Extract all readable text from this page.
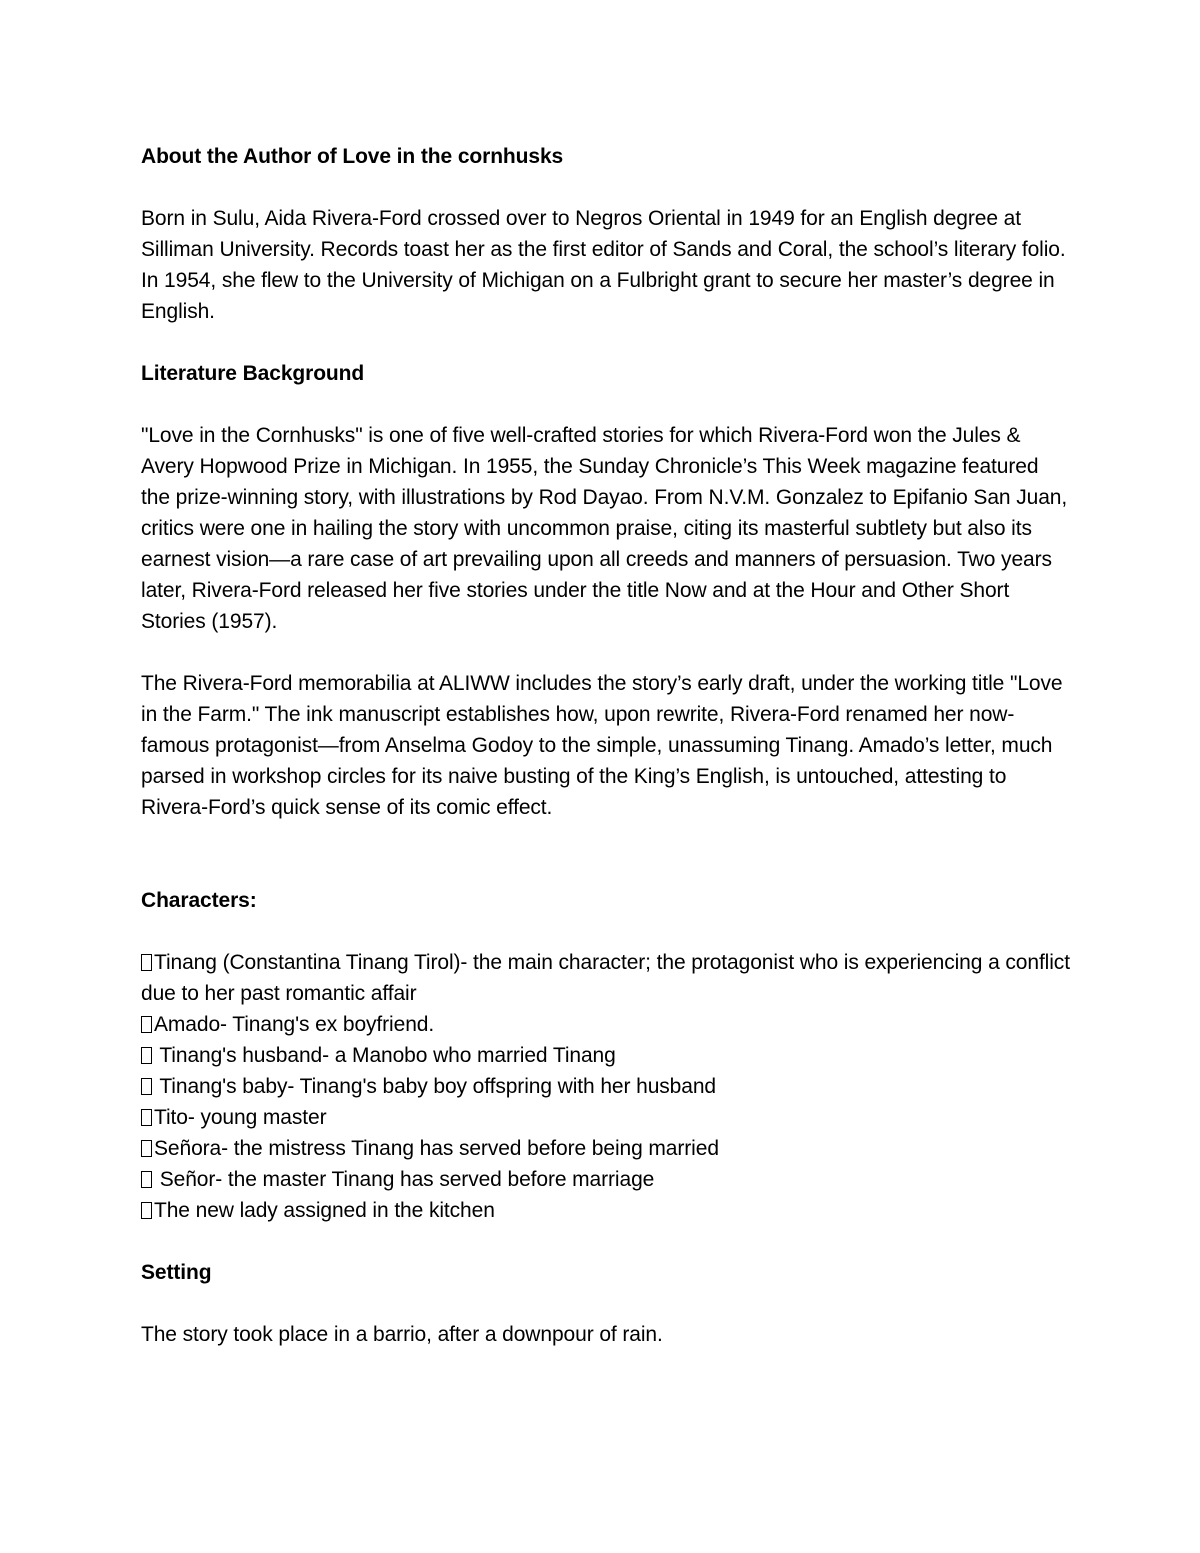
About the Author of Love in the cornhusks

Born in Sulu, Aida Rivera-Ford crossed over to Negros Oriental in 1949 for an English degree at Silliman University. Records toast her as the first editor of Sands and Coral, the school’s literary folio. In 1954, she flew to the University of Michigan on a Fulbright grant to secure her master’s degree in English.

Literature Background

"Love in the Cornhusks" is one of five well-crafted stories for which Rivera-Ford won the Jules & Avery Hopwood Prize in Michigan. In 1955, the Sunday Chronicle’s This Week magazine featured the prize-winning story, with illustrations by Rod Dayao. From N.V.M. Gonzalez to Epifanio San Juan, critics were one in hailing the story with uncommon praise, citing its masterful subtlety but also its earnest vision—a rare case of art prevailing upon all creeds and manners of persuasion. Two years later, Rivera-Ford released her five stories under the title Now and at the Hour and Other Short Stories (1957).

The Rivera-Ford memorabilia at ALIWW includes the story’s early draft, under the working title "Love in the Farm." The ink manuscript establishes how, upon rewrite, Rivera-Ford renamed her now-famous protagonist—from Anselma Godoy to the simple, unassuming Tinang. Amado’s letter, much parsed in workshop circles for its naive busting of the King’s English, is untouched, attesting to Rivera-Ford’s quick sense of its comic effect.

Characters:
Tinang (Constantina Tinang Tirol)- the main character; the protagonist who is experiencing a conflict due to her past romantic affair
Amado- Tinang's ex boyfriend.
Tinang's husband- a Manobo who married Tinang
Tinang's baby- Tinang's baby boy offspring with her husband
Tito- young master
Señora- the mistress Tinang has served before being married
Señor- the master Tinang has served before marriage
The new lady assigned in the kitchen
Setting

The story took place in a barrio, after a downpour of rain.
